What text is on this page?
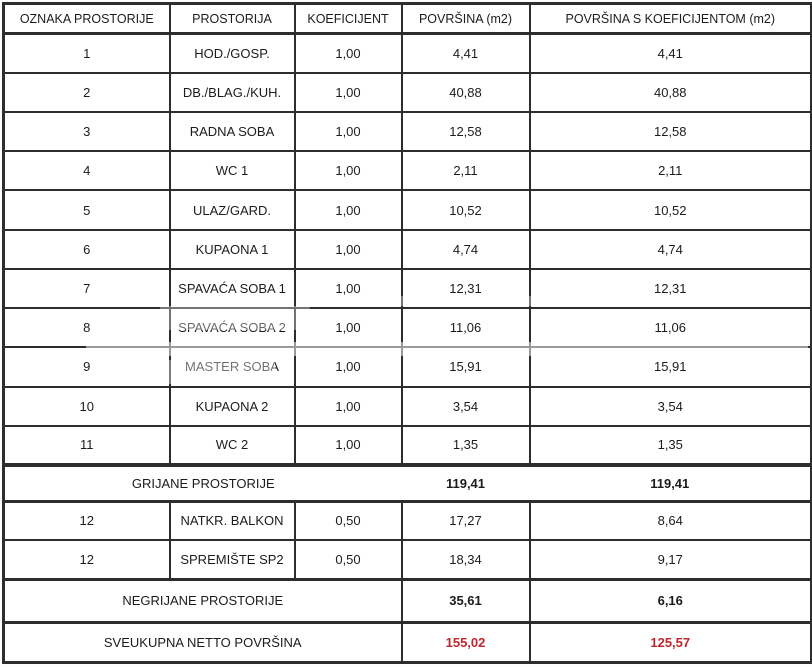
OZNAKA PROSTORIJE	PROSTORIJA	KOEFICIJENT	POVRŠINA (m2)	POVRŠINA S KOEFICIJENTOM (m2)
1	HOD./GOSP.	1,00	4,41	4,41
2	DB./BLAG./KUH.	1,00	40,88	40,88
3	RADNA SOBA	1,00	12,58	12,58
4	WC 1	1,00	2,11	2,11
5	ULAZ/GARD.	1,00	10,52	10,52
6	KUPAONA 1	1,00	4,74	4,74
7	SPAVAĆA SOBA 1	1,00	12,31	12,31
8	SPAVAĆA SOBA 2	1,00	11,06	11,06
9	MASTER SOBA	1,00	15,91	15,91
10	KUPAONA 2	1,00	3,54	3,54
11	WC 2	1,00	1,35	1,35
GRIJANE PROSTORIJE			119,41	119,41
12	NATKR. BALKON	0,50	17,27	8,64
12	SPREMIŠTE SP2	0,50	18,34	9,17
NEGRIJANE PROSTORIJE			35,61	6,16
SVEUKUPNA NETTO POVRŠINA			155,02	125,57
